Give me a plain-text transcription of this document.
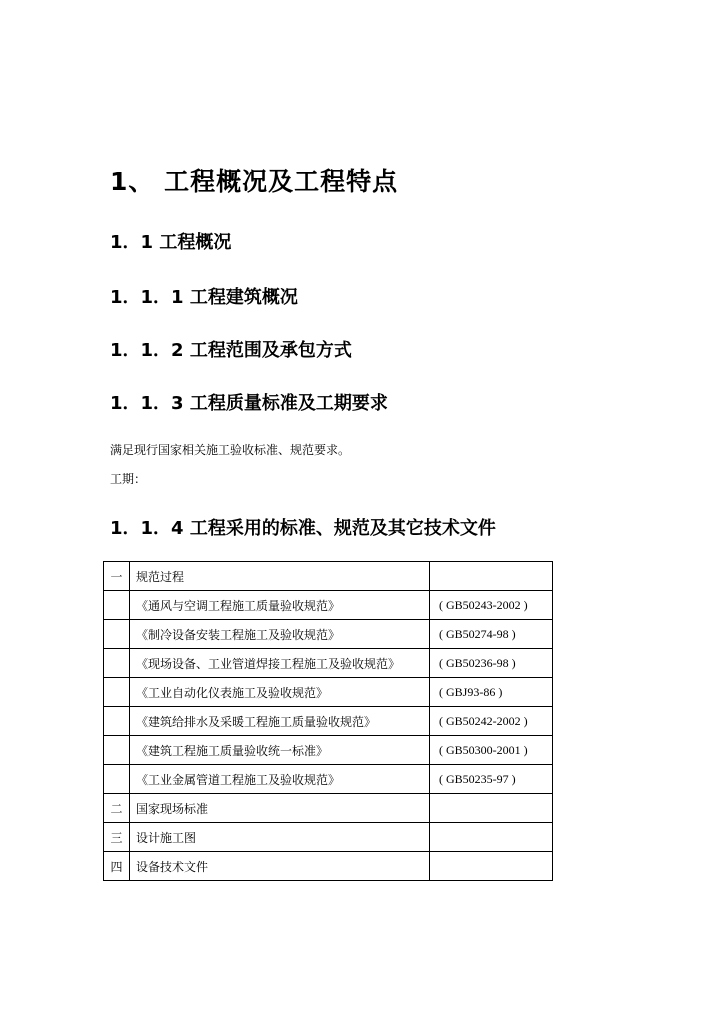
1、 工程概况及工程特点
1．1 工程概况
1．1．1 工程建筑概况
1．1．2 工程范围及承包方式
1．1．3 工程质量标准及工期要求

满足现行国家相关施工验收标准、规范要求。

工期：

1．1．4 工程采用的标准、规范及其它技术文件
一	规范过程	
	《通风与空调工程施工质量验收规范》	( GB50243-2002 )
	《制冷设备安装工程施工及验收规范》	( GB50274-98 )
	《现场设备、工业管道焊接工程施工及验收规范》	( GB50236-98 )
	《工业自动化仪表施工及验收规范》	( GBJ93-86 )
	《建筑给排水及采暖工程施工质量验收规范》	( GB50242-2002 )
	《建筑工程施工质量验收统一标准》	( GB50300-2001 )
	《工业金属管道工程施工及验收规范》	( GB50235-97 )
二	国家现场标准	
三	设计施工图	
四	设备技术文件	
